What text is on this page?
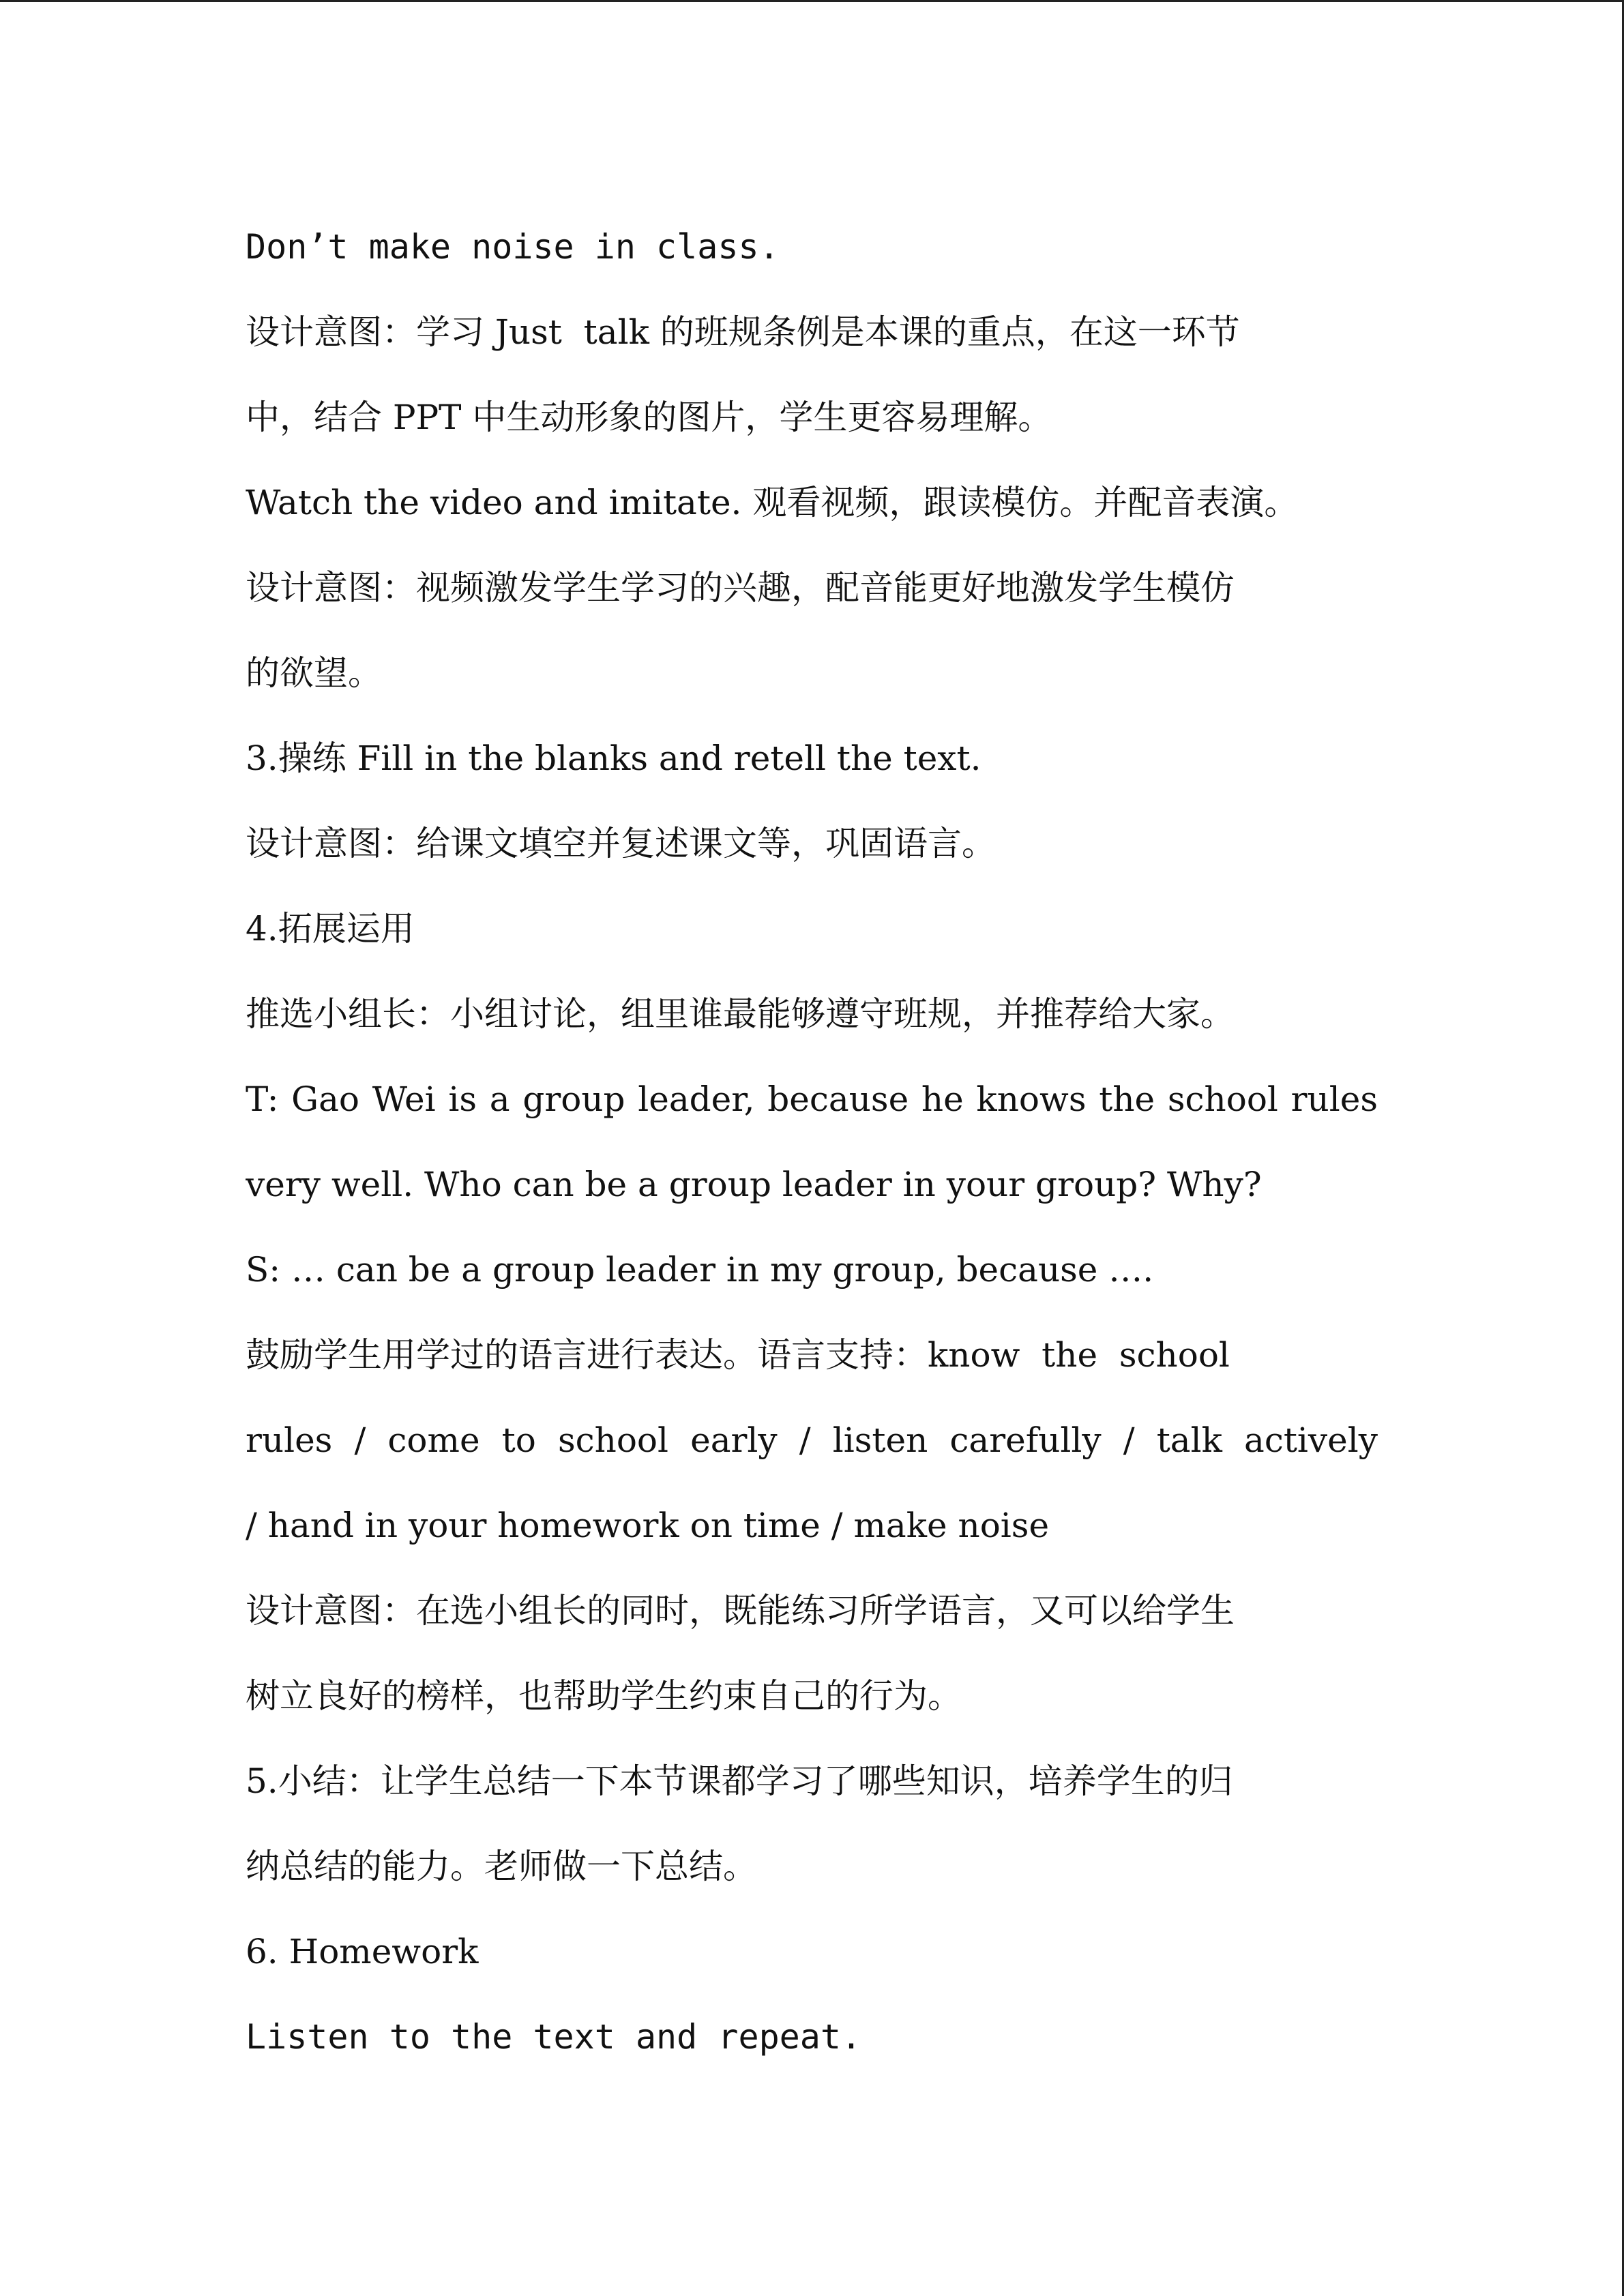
Don’t make noise in class.
设计意图：学习 Just  talk 的班规条例是本课的重点，在这一环节
中，结合 PPT 中生动形象的图片，学生更容易理解。
Watch the video and imitate. 观看视频，跟读模仿。并配音表演。
设计意图：视频激发学生学习的兴趣，配音能更好地激发学生模仿
的欲望。
3.操练 Fill in the blanks and retell the text.
设计意图：给课文填空并复述课文等，巩固语言。
4.拓展运用
推选小组长：小组讨论，组里谁最能够遵守班规，并推荐给大家。
T: Gao Wei is a group leader, because he knows the school rules
very well. Who can be a group leader in your group? Why?
S: … can be a group leader in my group, because ….
鼓励学生用学过的语言进行表达。语言支持：know  the  school
rules / come to school early / listen carefully / talk actively
/ hand in your homework on time / make noise
设计意图：在选小组长的同时，既能练习所学语言，又可以给学生
树立良好的榜样，也帮助学生约束自己的行为。
5.小结：让学生总结一下本节课都学习了哪些知识，培养学生的归
纳总结的能力。老师做一下总结。
6. Homework
Listen to the text and repeat.
